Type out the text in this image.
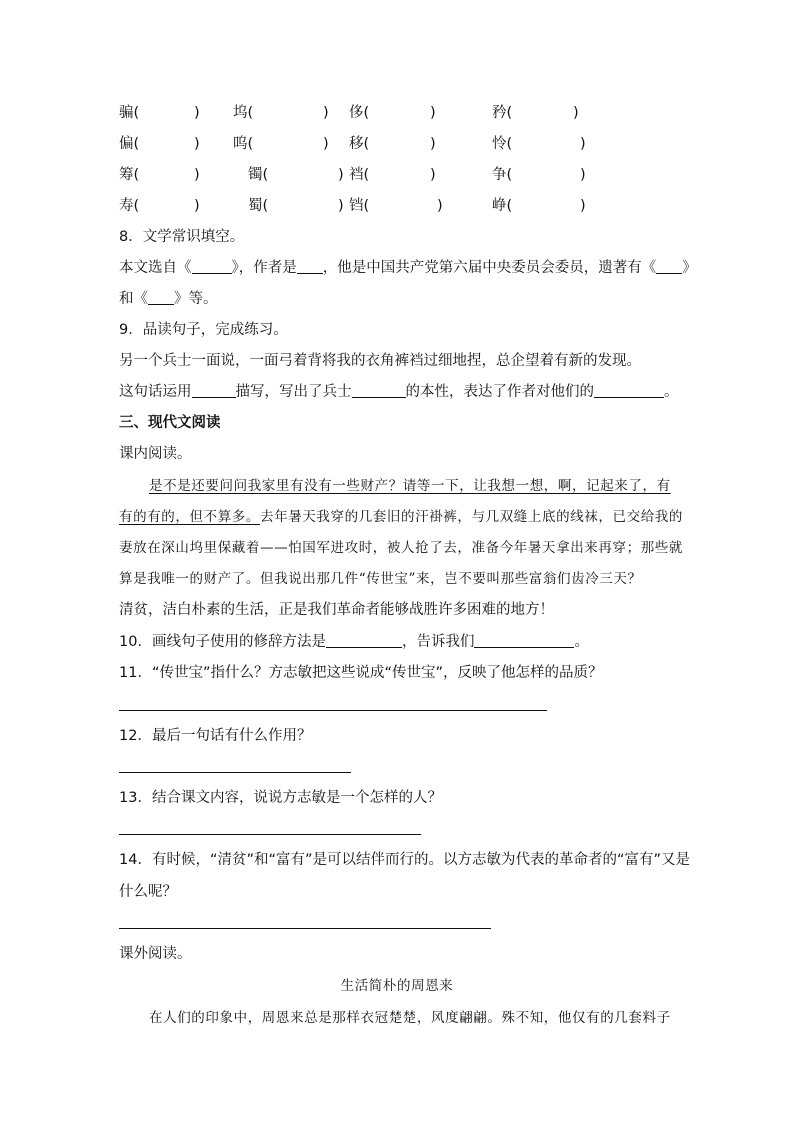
骗(	) 坞(	) 侈(	)	矜(	)
偏(	) 呜(	) 移(	)	怜(	)
筹(	)	镯(	) 裆(	)	争(	)
寿(	)	蜀(	) 铛(	)	峥(	)
8．文学常识填空。
本文选自《	》，作者是 ，他是中国共产党第六届中央委员会委员，遗著有《 》
和《 》等。
9．品读句子，完成练习。
另一个兵士一面说，一面弓着背将我的衣角裤裆过细地捏，总企望着有新的发现。
这句话运用	描写，写出了兵士	的本性，表达了作者对他们的	。
三、现代文阅读
课内阅读。
是不是还要问问我家里有没有一些财产？请等一下，让我想一想，啊，记起来了，有
有的有的，但不算多。去年暑天我穿的几套旧的汗褂裤，与几双缝上底的线袜，已交给我的
妻放在深山坞里保藏着——怕国军进攻时，被人抢了去，准备今年暑天拿出来再穿；那些就
算是我唯一的财产了。但我说出那几件“传世宝”来，岂不要叫那些富翁们齿冷三天？
清贫，洁白朴素的生活，正是我们革命者能够战胜许多困难的地方！
10．画线句子使用的修辞方法是	，告诉我们	。
11．“传世宝”指什么？方志敏把这些说成“传世宝”，反映了他怎样的品质？
12．最后一句话有什么作用？
13．结合课文内容，说说方志敏是一个怎样的人？
14．有时候，“清贫”和“富有”是可以结伴而行的。以方志敏为代表的革命者的“富有”又是
什么呢？
课外阅读。
生活简朴的周恩来
在人们的印象中，周恩来总是那样衣冠楚楚，风度翩翩。殊不知，他仅有的几套料子
